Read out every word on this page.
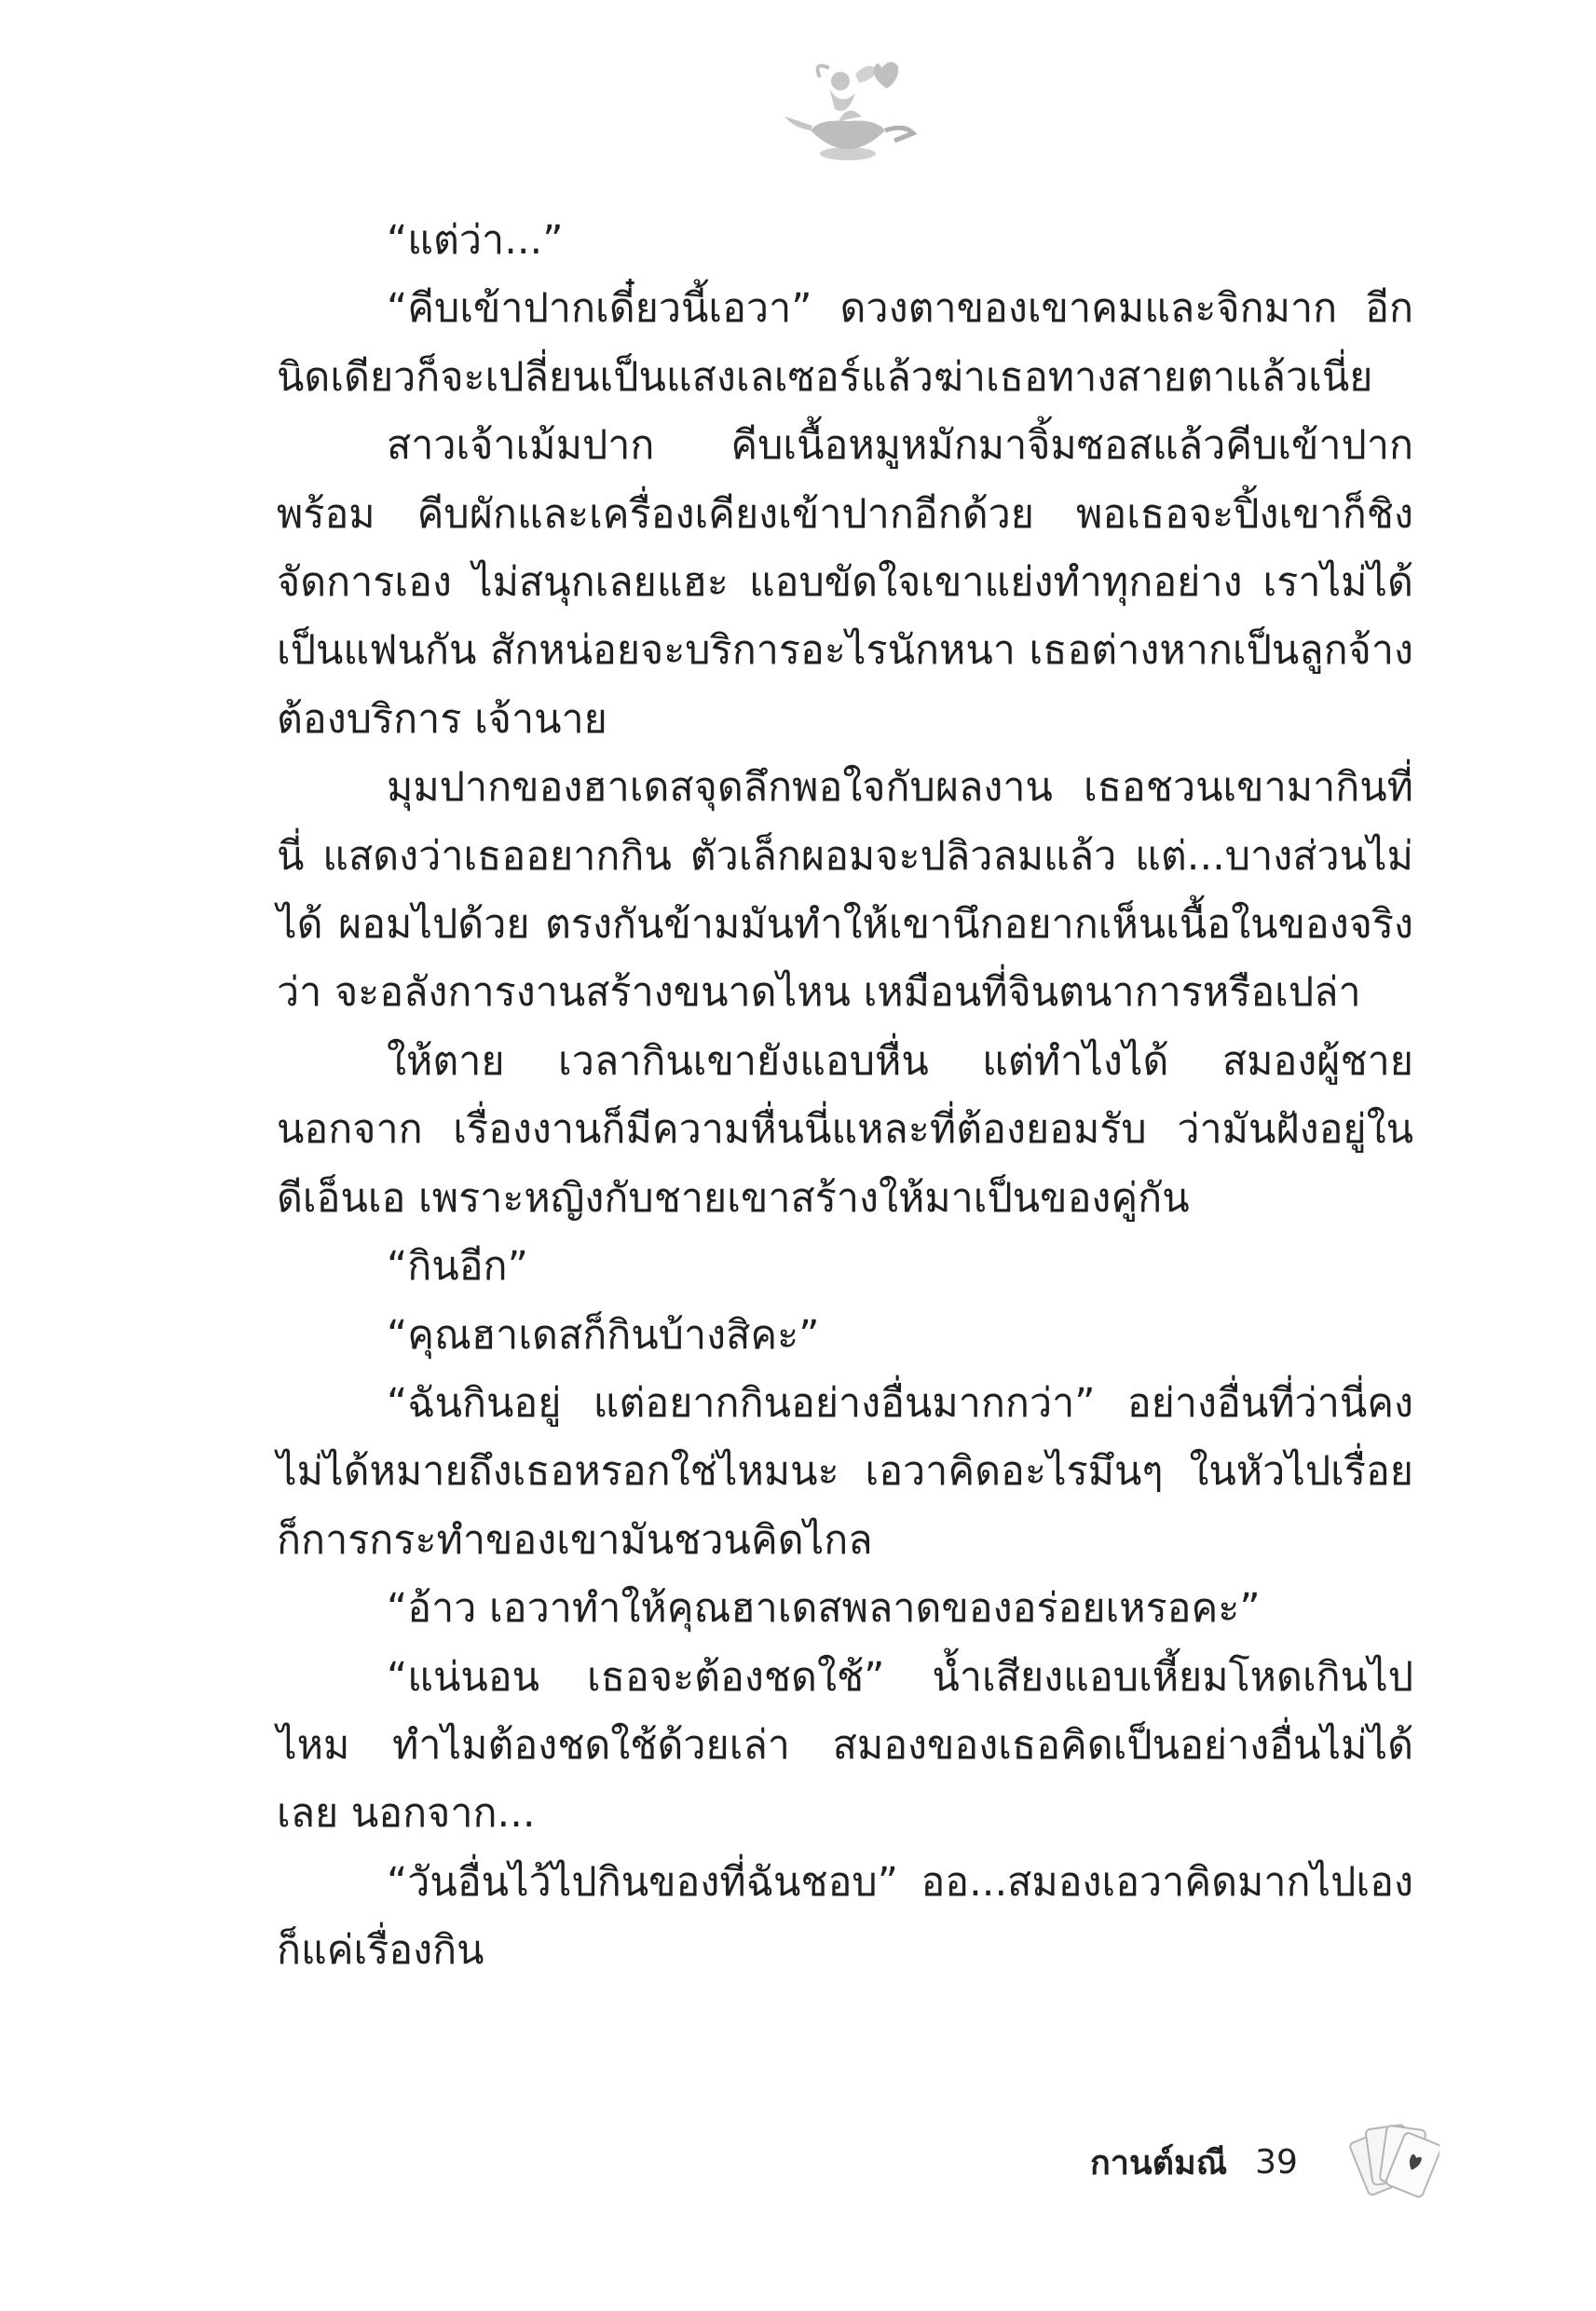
“แต่ว่า...”

“คีบเข้าปากเดี๋ยวนี้เอวา” ดวงตาของเขาคมและจิกมาก อีกนิดเดียวก็จะเปลี่ยนเป็นแสงเลเซอร์แล้วฆ่าเธอทางสายตาแล้วเนี่ย

สาวเจ้าเม้มปาก คีบเนื้อหมูหมักมาจิ้มซอสแล้วคีบเข้าปากพร้อม คีบผักและเครื่องเคียงเข้าปากอีกด้วย พอเธอจะปิ้งเขาก็ชิงจัดการเอง ไม่สนุกเลยแฮะ แอบขัดใจเขาแย่งทำทุกอย่าง เราไม่ได้เป็นแฟนกัน สักหน่อยจะบริการอะไรนักหนา เธอต่างหากเป็นลูกจ้างต้องบริการ เจ้านาย

มุมปากของฮาเดสจุดลึกพอใจกับผลงาน เธอชวนเขามากินที่นี่ แสดงว่าเธออยากกิน ตัวเล็กผอมจะปลิวลมแล้ว แต่...บางส่วนไม่ได้ ผอมไปด้วย ตรงกันข้ามมันทำให้เขานึกอยากเห็นเนื้อในของจริงว่า จะอลังการงานสร้างขนาดไหน เหมือนที่จินตนาการหรือเปล่า

ให้ตาย เวลากินเขายังแอบหื่น แต่ทำไงได้ สมองผู้ชายนอกจาก เรื่องงานก็มีความหื่นนี่แหละที่ต้องยอมรับ ว่ามันฝังอยู่ในดีเอ็นเอ เพราะหญิงกับชายเขาสร้างให้มาเป็นของคู่กัน

“กินอีก”

“คุณฮาเดสก็กินบ้างสิคะ”

“ฉันกินอยู่ แต่อยากกินอย่างอื่นมากกว่า” อย่างอื่นที่ว่านี่คง ไม่ได้หมายถึงเธอหรอกใช่ไหมนะ เอวาคิดอะไรมึนๆ ในหัวไปเรื่อย ก็การกระทำของเขามันชวนคิดไกล

“อ้าว เอวาทำให้คุณฮาเดสพลาดของอร่อยเหรอคะ”

“แน่นอน เธอจะต้องชดใช้” น้ำเสียงแอบเหี้ยมโหดเกินไปไหม ทำไมต้องชดใช้ด้วยเล่า สมองของเธอคิดเป็นอย่างอื่นไม่ได้เลย นอกจาก...

“วันอื่นไว้ไปกินของที่ฉันชอบ” ออ...สมองเอวาคิดมากไปเอง ก็แค่เรื่องกิน

กานต์มณี 39
